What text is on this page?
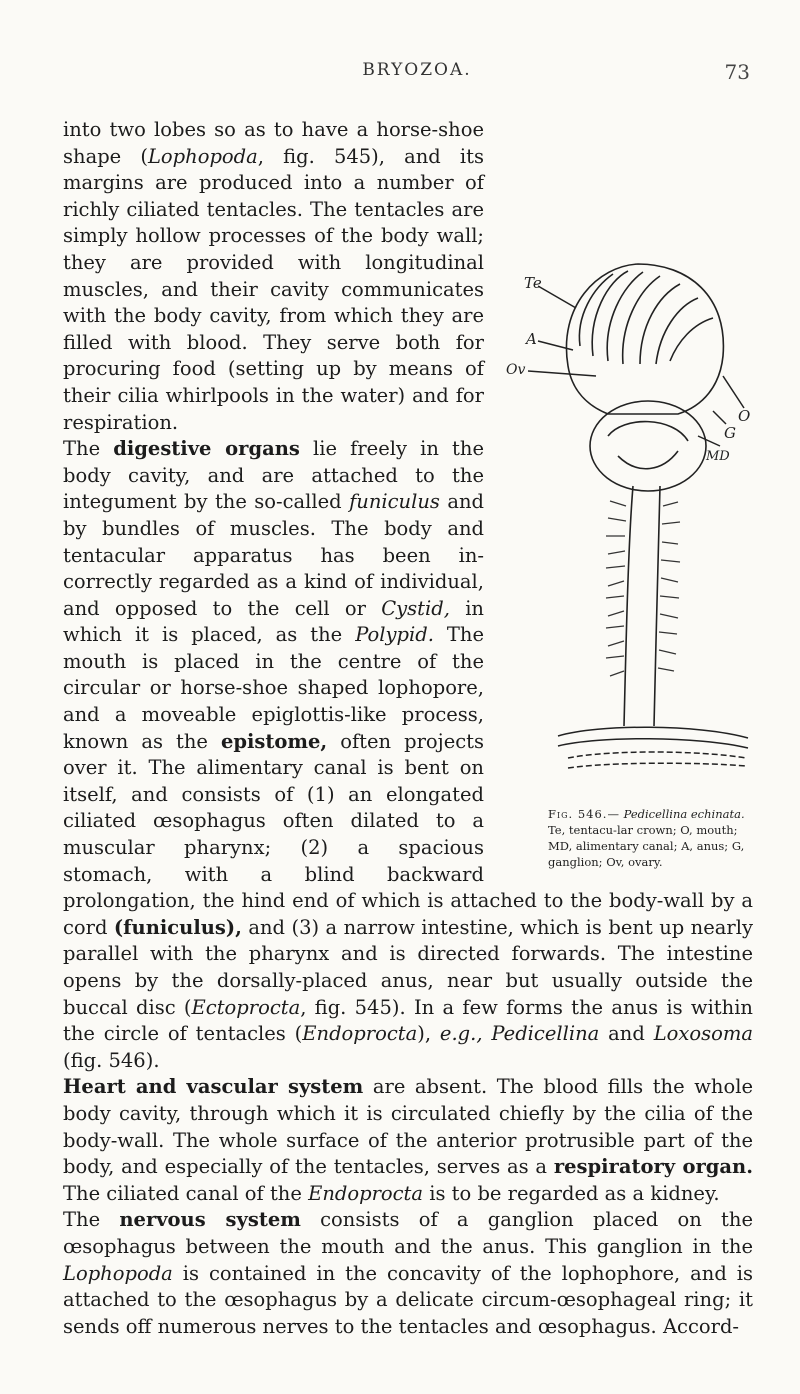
BRYOZOA.	73
Te
A
Ov
O
G
MD
Fig. 546.— Pedicellina echinata. Te, tentacu-lar crown; O, mouth; MD, alimentary canal; A, anus; G, ganglion; Ov, ovary.

into two lobes so as to have a horse-shoe shape (Lophopoda, fig. 545), and its margins are produced into a number of richly ciliated tentacles. The tentacles are simply hollow processes of the body wall; they are provided with longitudinal muscles, and their cavity communicates with the body cavity, from which they are filled with blood. They serve both for procuring food (setting up by means of their cilia whirlpools in the water) and for respiration.

The digestive organs lie freely in the body cavity, and are attached to the integument by the so-called funiculus and by bundles of muscles. The body and tentacular apparatus has been in-correctly regarded as a kind of individual, and opposed to the cell or Cystid, in which it is placed, as the Polypid. The mouth is placed in the centre of the circular or horse-shoe shaped lophopore, and a moveable epiglottis-like process, known as the epistome, often projects over it. The alimentary canal is bent on itself, and consists of (1) an elongated ciliated œsophagus often dilated to a muscular pharynx; (2) a spacious stomach, with a blind backward prolongation, the hind end of which is attached to the body-wall by a cord (funiculus), and (3) a narrow intestine, which is bent up nearly parallel with the pharynx and is directed forwards. The intestine opens by the dorsally-placed anus, near but usually outside the buccal disc (Ectoprocta, fig. 545). In a few forms the anus is within the circle of tentacles (Endoprocta), e.g., Pedicellina and Loxosoma (fig. 546).

Heart and vascular system are absent. The blood fills the whole body cavity, through which it is circulated chiefly by the cilia of the body-wall. The whole surface of the anterior protrusible part of the body, and especially of the tentacles, serves as a respiratory organ. The ciliated canal of the Endoprocta is to be regarded as a kidney.

The nervous system consists of a ganglion placed on the œsophagus between the mouth and the anus. This ganglion in the Lophopoda is contained in the concavity of the lophophore, and is attached to the œsophagus by a delicate circum-œsophageal ring; it sends off numerous nerves to the tentacles and œsophagus. Accord-
